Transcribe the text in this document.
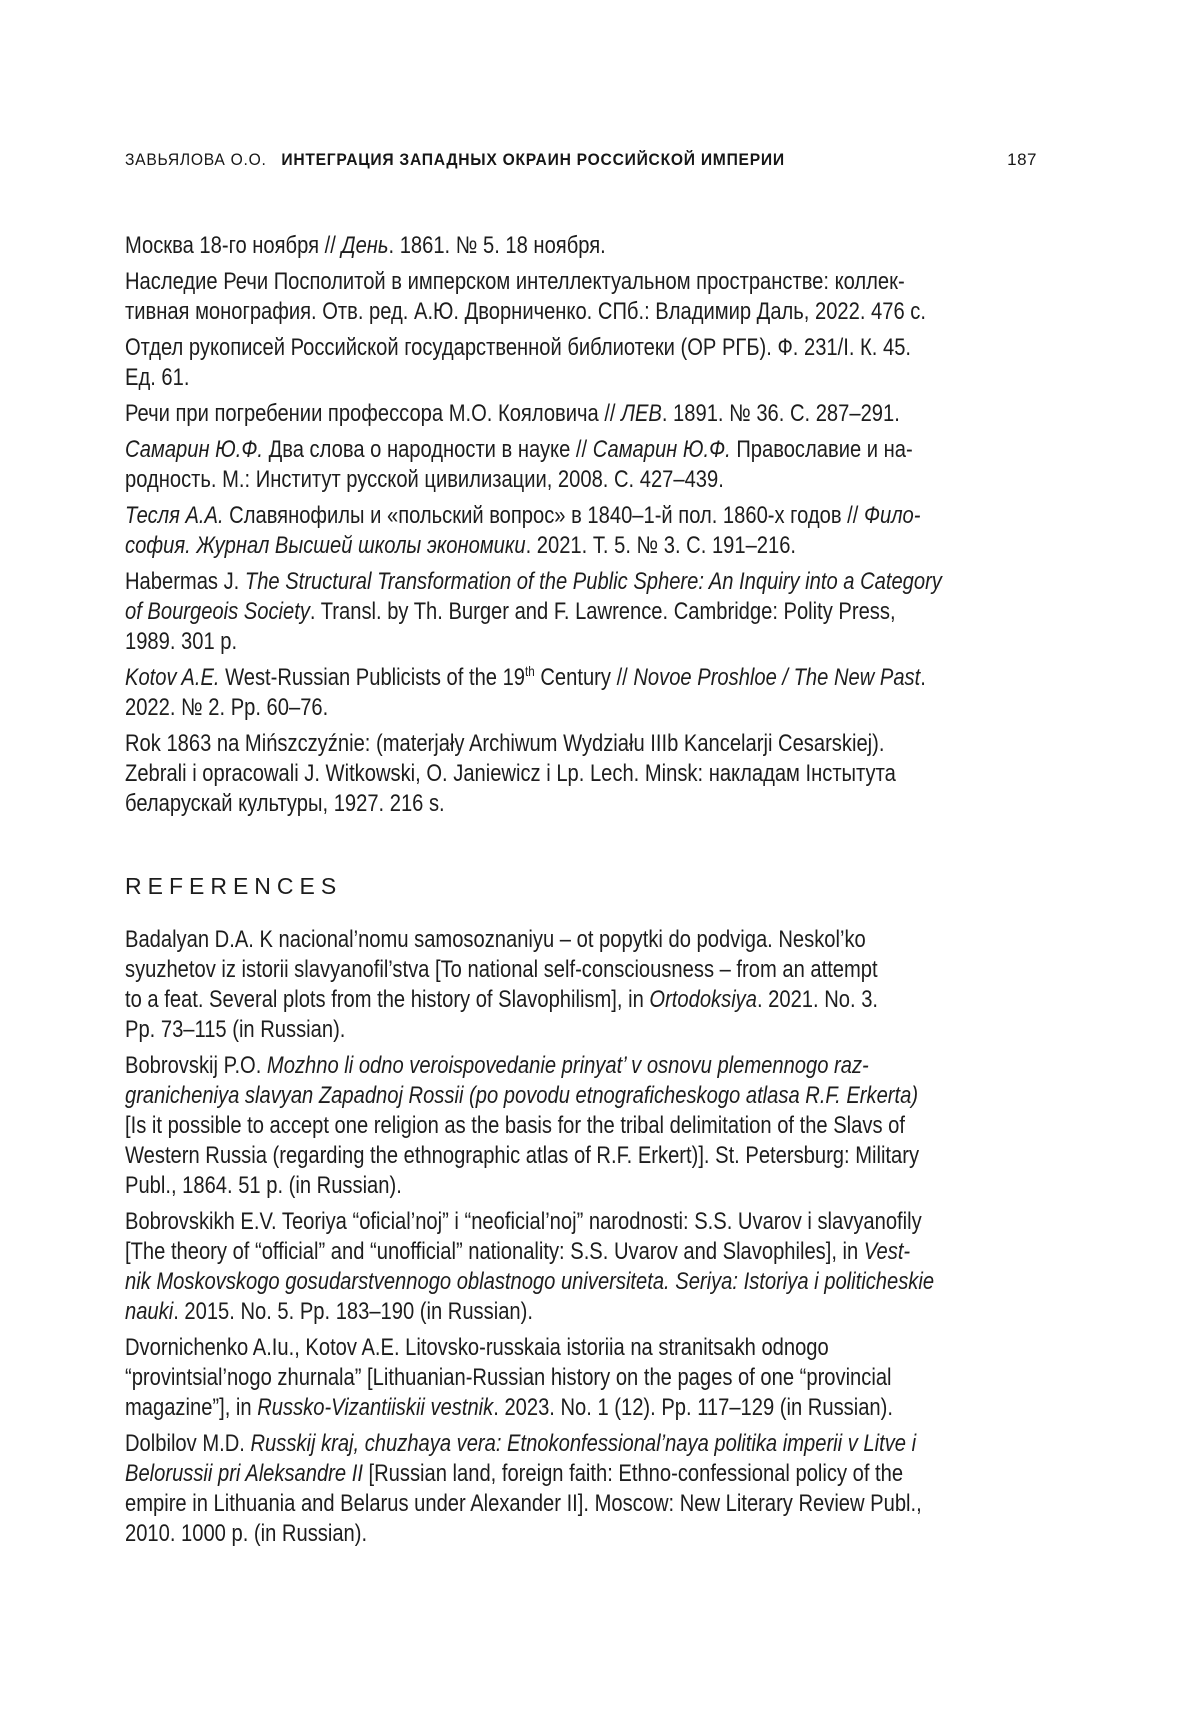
ЗАВЬЯЛОВА О.О. ИНТЕГРАЦИЯ ЗАПАДНЫХ ОКРАИН РОССИЙСКОЙ ИМПЕРИИ	187

Москва 18-го ноября // День. 1861. № 5. 18 ноября.

Наследие Речи Посполитой в имперском интеллектуальном пространстве: коллек-
тивная монография. Отв. ред. А.Ю. Дворниченко. СПб.: Владимир Даль, 2022. 476 с.

Отдел рукописей Российской государственной библиотеки (ОР РГБ). Ф. 231/I. К. 45.
Ед. 61.

Речи при погребении профессора М.О. Кояловича // ЛЕВ. 1891. № 36. С. 287–291.

Самарин Ю.Ф. Два слова о народности в науке // Самарин Ю.Ф. Православие и на-
родность. М.: Институт русской цивилизации, 2008. С. 427–439.

Тесля А.А. Славянофилы и «польский вопрос» в 1840–1-й пол. 1860-х годов // Фило-
софия. Журнал Высшей школы экономики. 2021. Т. 5. № 3. С. 191–216.

Habermas J. The Structural Transformation of the Public Sphere: An Inquiry into a Category
of Bourgeois Society. Transl. by Th. Burger and F. Lawrence. Cambridge: Polity Press,
1989. 301 p.

Kotov A.E. West-Russian Publicists of the 19th Century // Novoe Proshloe / The New Past.
2022. № 2. Pp. 60–76.

Rok 1863 na Mińszczyźnie: (materjały Archiwum Wydziału IIIb Kancelarji Cesarskiej).
Zebrali i opracowali J. Witkowski, O. Janiewicz i Lp. Lech. Minsk: накладам Інстытута
беларускай культуры, 1927. 216 s.

REFERENCES

Badalyan D.A. K nacional’nomu samosoznaniyu – ot popytki do podviga. Neskol’ko
syuzhetov iz istorii slavyanofil’stva [To national self-consciousness – from an attempt
to a feat. Several plots from the history of Slavophilism], in Ortodoksiya. 2021. No. 3.
Pp. 73–115 (in Russian).

Bobrovskij P.O. Mozhno li odno veroispovedanie prinyat’ v osnovu plemennogo raz-
granicheniya slavyan Zapadnoj Rossii (po povodu etnograficheskogo atlasa R.F. Erkerta)
[Is it possible to accept one religion as the basis for the tribal delimitation of the Slavs of
Western Russia (regarding the ethnographic atlas of R.F. Erkert)]. St. Petersburg: Military
Publ., 1864. 51 p. (in Russian).

Bobrovskikh E.V. Teoriya “oficial’noj” i “neoficial’noj” narodnosti: S.S. Uvarov i slavyanofily
[The theory of “official” and “unofficial” nationality: S.S. Uvarov and Slavophiles], in Vest-
nik Moskovskogo gosudarstvennogo oblastnogo universiteta. Seriya: Istoriya i politicheskie
nauki. 2015. No. 5. Pp. 183–190 (in Russian).

Dvornichenko A.Iu., Kotov A.E. Litovsko-russkaia istoriia na stranitsakh odnogo
“provintsial’nogo zhurnala” [Lithuanian-Russian history on the pages of one “provincial
magazine”], in Russko-Vizantiiskii vestnik. 2023. No. 1 (12). Pp. 117–129 (in Russian).

Dolbilov M.D. Russkij kraj, chuzhaya vera: Etnokonfessional’naya politika imperii v Litve i
Belorussii pri Aleksandre II [Russian land, foreign faith: Ethno-confessional policy of the
empire in Lithuania and Belarus under Alexander II]. Moscow: New Literary Review Publ.,
2010. 1000 p. (in Russian).
